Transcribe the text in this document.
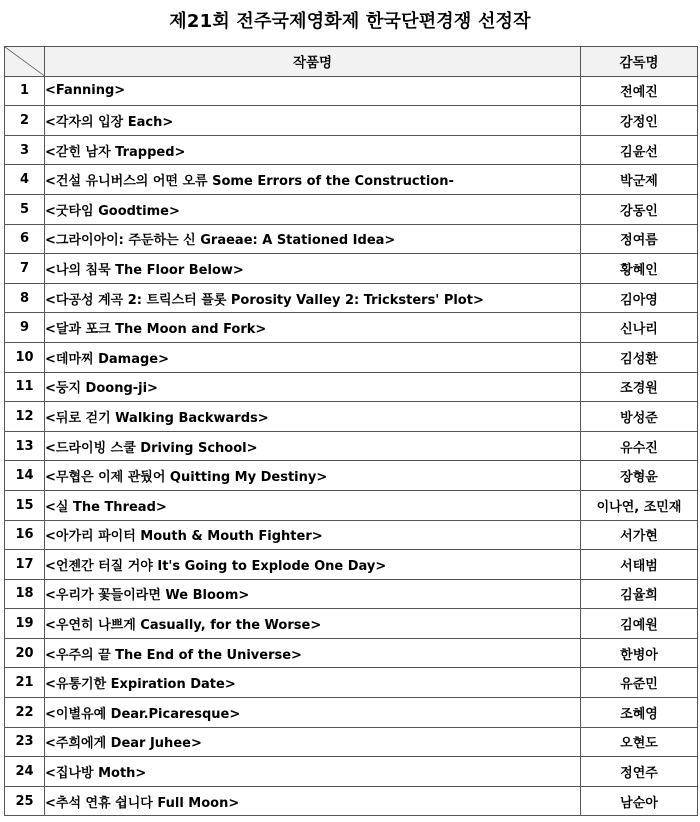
제21회 전주국제영화제 한국단편경쟁 선정작
	작품명	감독명
1	<Fanning>	전예진
2	<각자의 입장 Each>	강정인
3	<갇힌 남자 Trapped>	김윤선
4	<건설 유니버스의 어떤 오류 Some Errors of the Construction-	박군제
5	<굿타임 Goodtime>	강동인
6	<그라이아이: 주둔하는 신 Graeae: A Stationed Idea>	정여름
7	<나의 침묵 The Floor Below>	황혜인
8	<다공성 계곡 2: 트릭스터 플롯 Porosity Valley 2: Tricksters' Plot>	김아영
9	<달과 포크 The Moon and Fork>	신나리
10	<데마찌 Damage>	김성환
11	<둥지 Doong-ji>	조경원
12	<뒤로 걷기 Walking Backwards>	방성준
13	<드라이빙 스쿨 Driving School>	유수진
14	<무협은 이제 관뒀어 Quitting My Destiny>	장형윤
15	<실 The Thread>	이나연, 조민재
16	<아가리 파이터 Mouth & Mouth Fighter>	서가현
17	<언젠간 터질 거야 It's Going to Explode One Day>	서태범
18	<우리가 꽃들이라면 We Bloom>	김율희
19	<우연히 나쁘게 Casually, for the Worse>	김예원
20	<우주의 끝 The End of the Universe>	한병아
21	<유통기한 Expiration Date>	유준민
22	<이별유예 Dear.Picaresque>	조혜영
23	<주희에게 Dear Juhee>	오현도
24	<집나방 Moth>	정연주
25	<추석 연휴 쉽니다 Full Moon>	남순아
